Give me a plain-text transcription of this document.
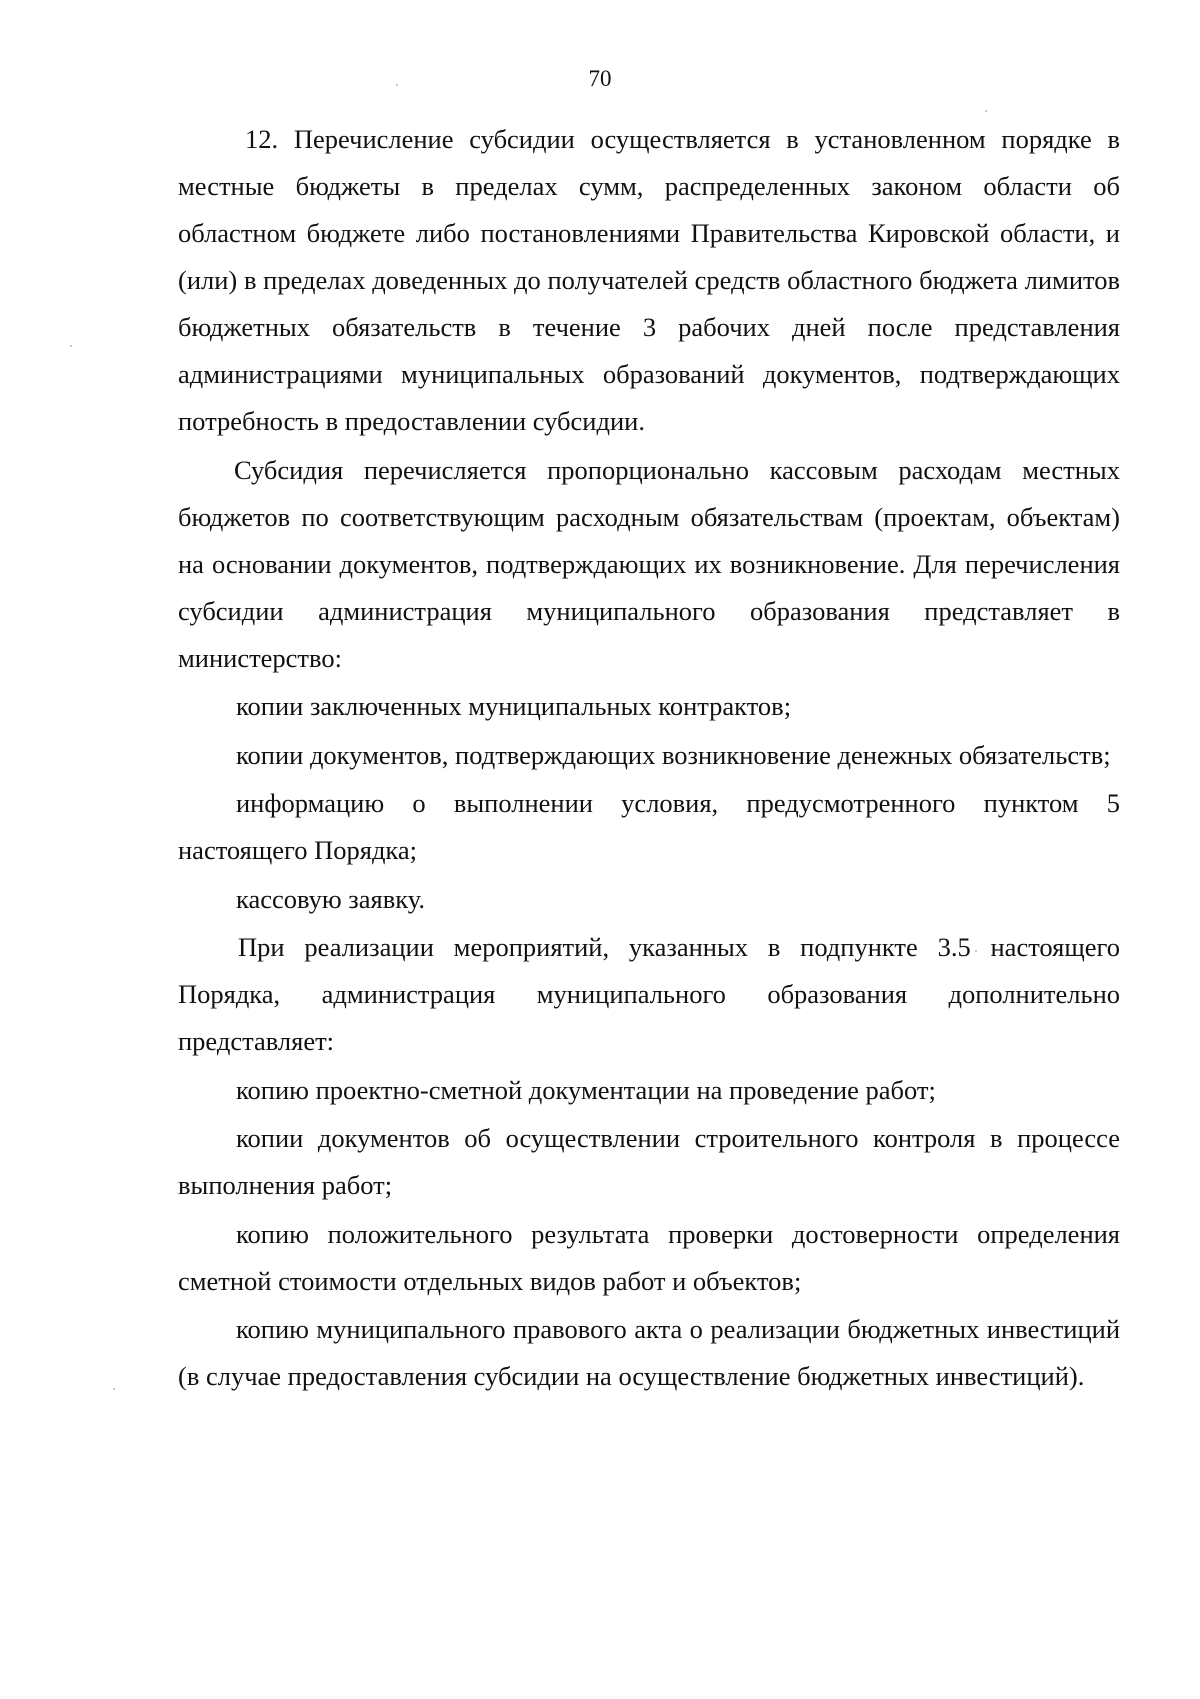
70

12. Перечисление субсидии осуществляется в установленном порядке в местные бюджеты в пределах сумм, распределенных законом области об областном бюджете либо постановлениями Правительства Кировской области, и (или) в пределах доведенных до получателей средств областного бюджета лимитов бюджетных обязательств в течение 3 рабочих дней после представления администрациями муниципальных образований документов, подтверждающих потребность в предоставлении субсидии.

Субсидия перечисляется пропорционально кассовым расходам местных бюджетов по соответствующим расходным обязательствам (проектам, объектам) на основании документов, подтверждающих их возникновение. Для перечисления субсидии администрация муниципального образования представляет в министерство:

копии заключенных муниципальных контрактов;

копии документов, подтверждающих возникновение денежных обязательств;

информацию о выполнении условия, предусмотренного пунктом 5 настоящего Порядка;

кассовую заявку.

При реализации мероприятий, указанных в подпункте 3.5 настоящего Порядка, администрация муниципального образования дополнительно представляет:

копию проектно-сметной документации на проведение работ;

копии документов об осуществлении строительного контроля в процессе выполнения работ;

копию положительного результата проверки достоверности определения сметной стоимости отдельных видов работ и объектов;

копию муниципального правового акта о реализации бюджетных инвестиций (в случае предоставления субсидии на осуществление бюджетных инвестиций).
